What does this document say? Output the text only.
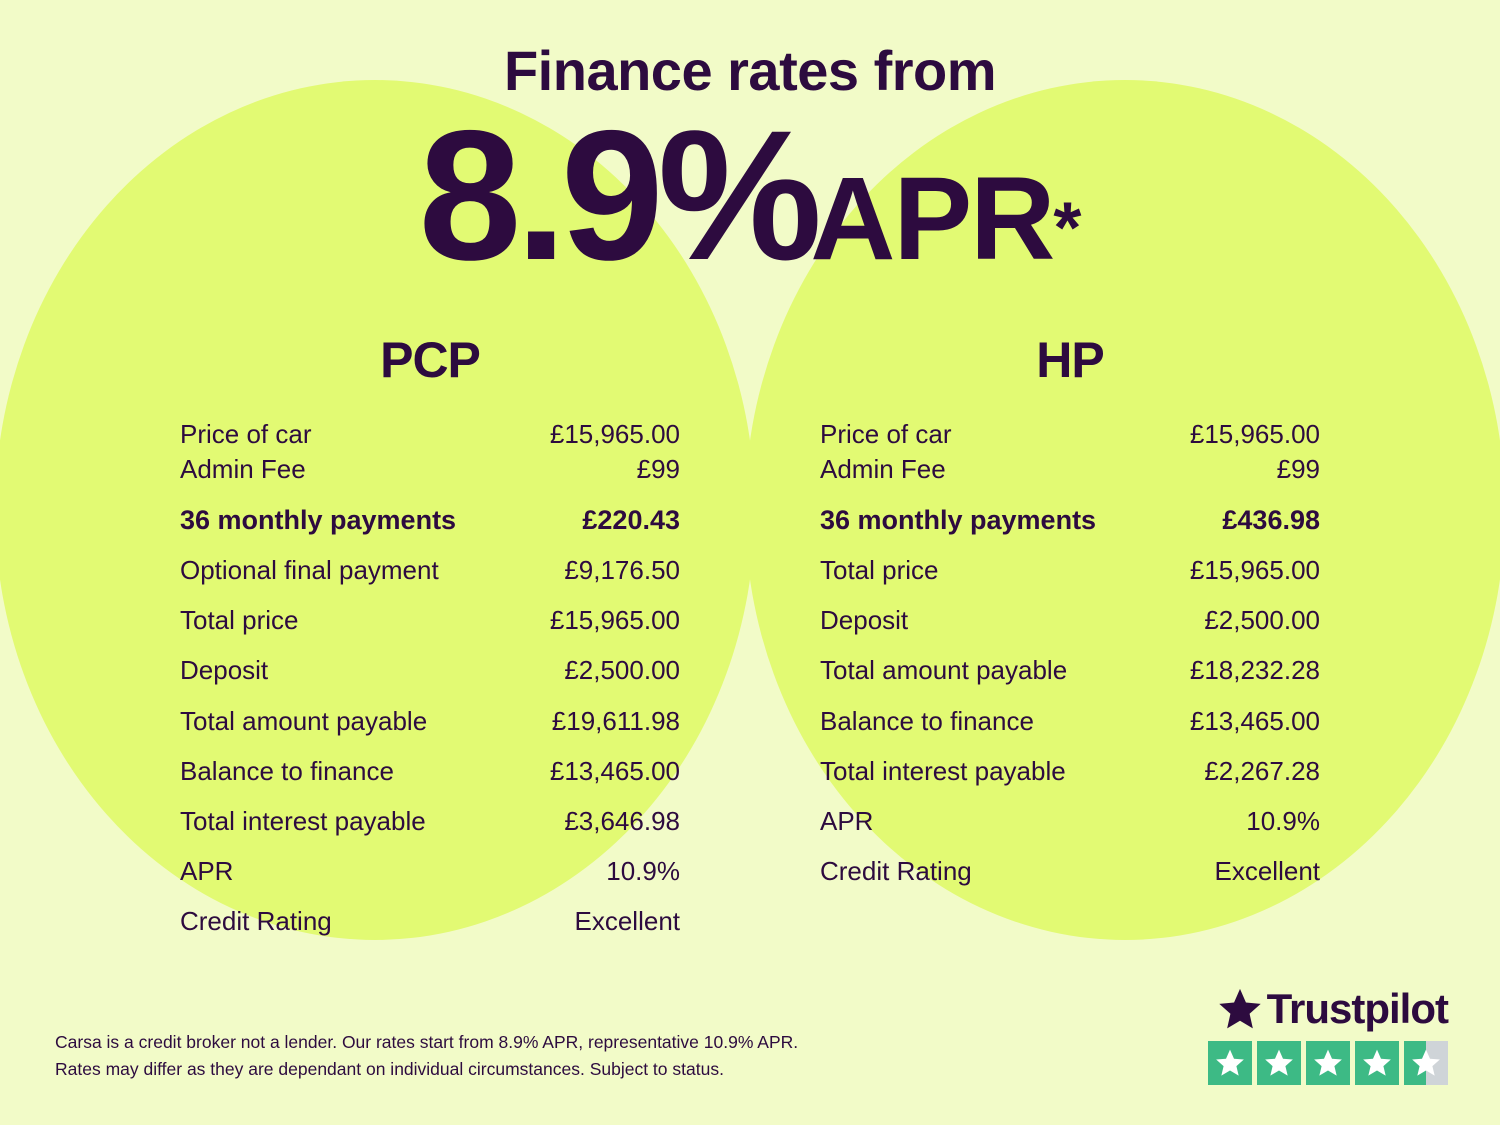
Finance rates from
8.9%APR*
PCP
Price of car	£15,965.00
Admin Fee	£99
36 monthly payments	£220.43
Optional final payment	£9,176.50
Total price	£15,965.00
Deposit	£2,500.00
Total amount payable	£19,611.98
Balance to finance	£13,465.00
Total interest payable	£3,646.98
APR	10.9%
Credit Rating	Excellent
HP
Price of car	£15,965.00
Admin Fee	£99
36 monthly payments	£436.98
Total price	£15,965.00
Deposit	£2,500.00
Total amount payable	£18,232.28
Balance to finance	£13,465.00
Total interest payable	£2,267.28
APR	10.9%
Credit Rating	Excellent
Carsa is a credit broker not a lender. Our rates start from 8.9% APR, representative 10.9% APR.
Rates may differ as they are dependant on individual circumstances. Subject to status.
Trustpilot
